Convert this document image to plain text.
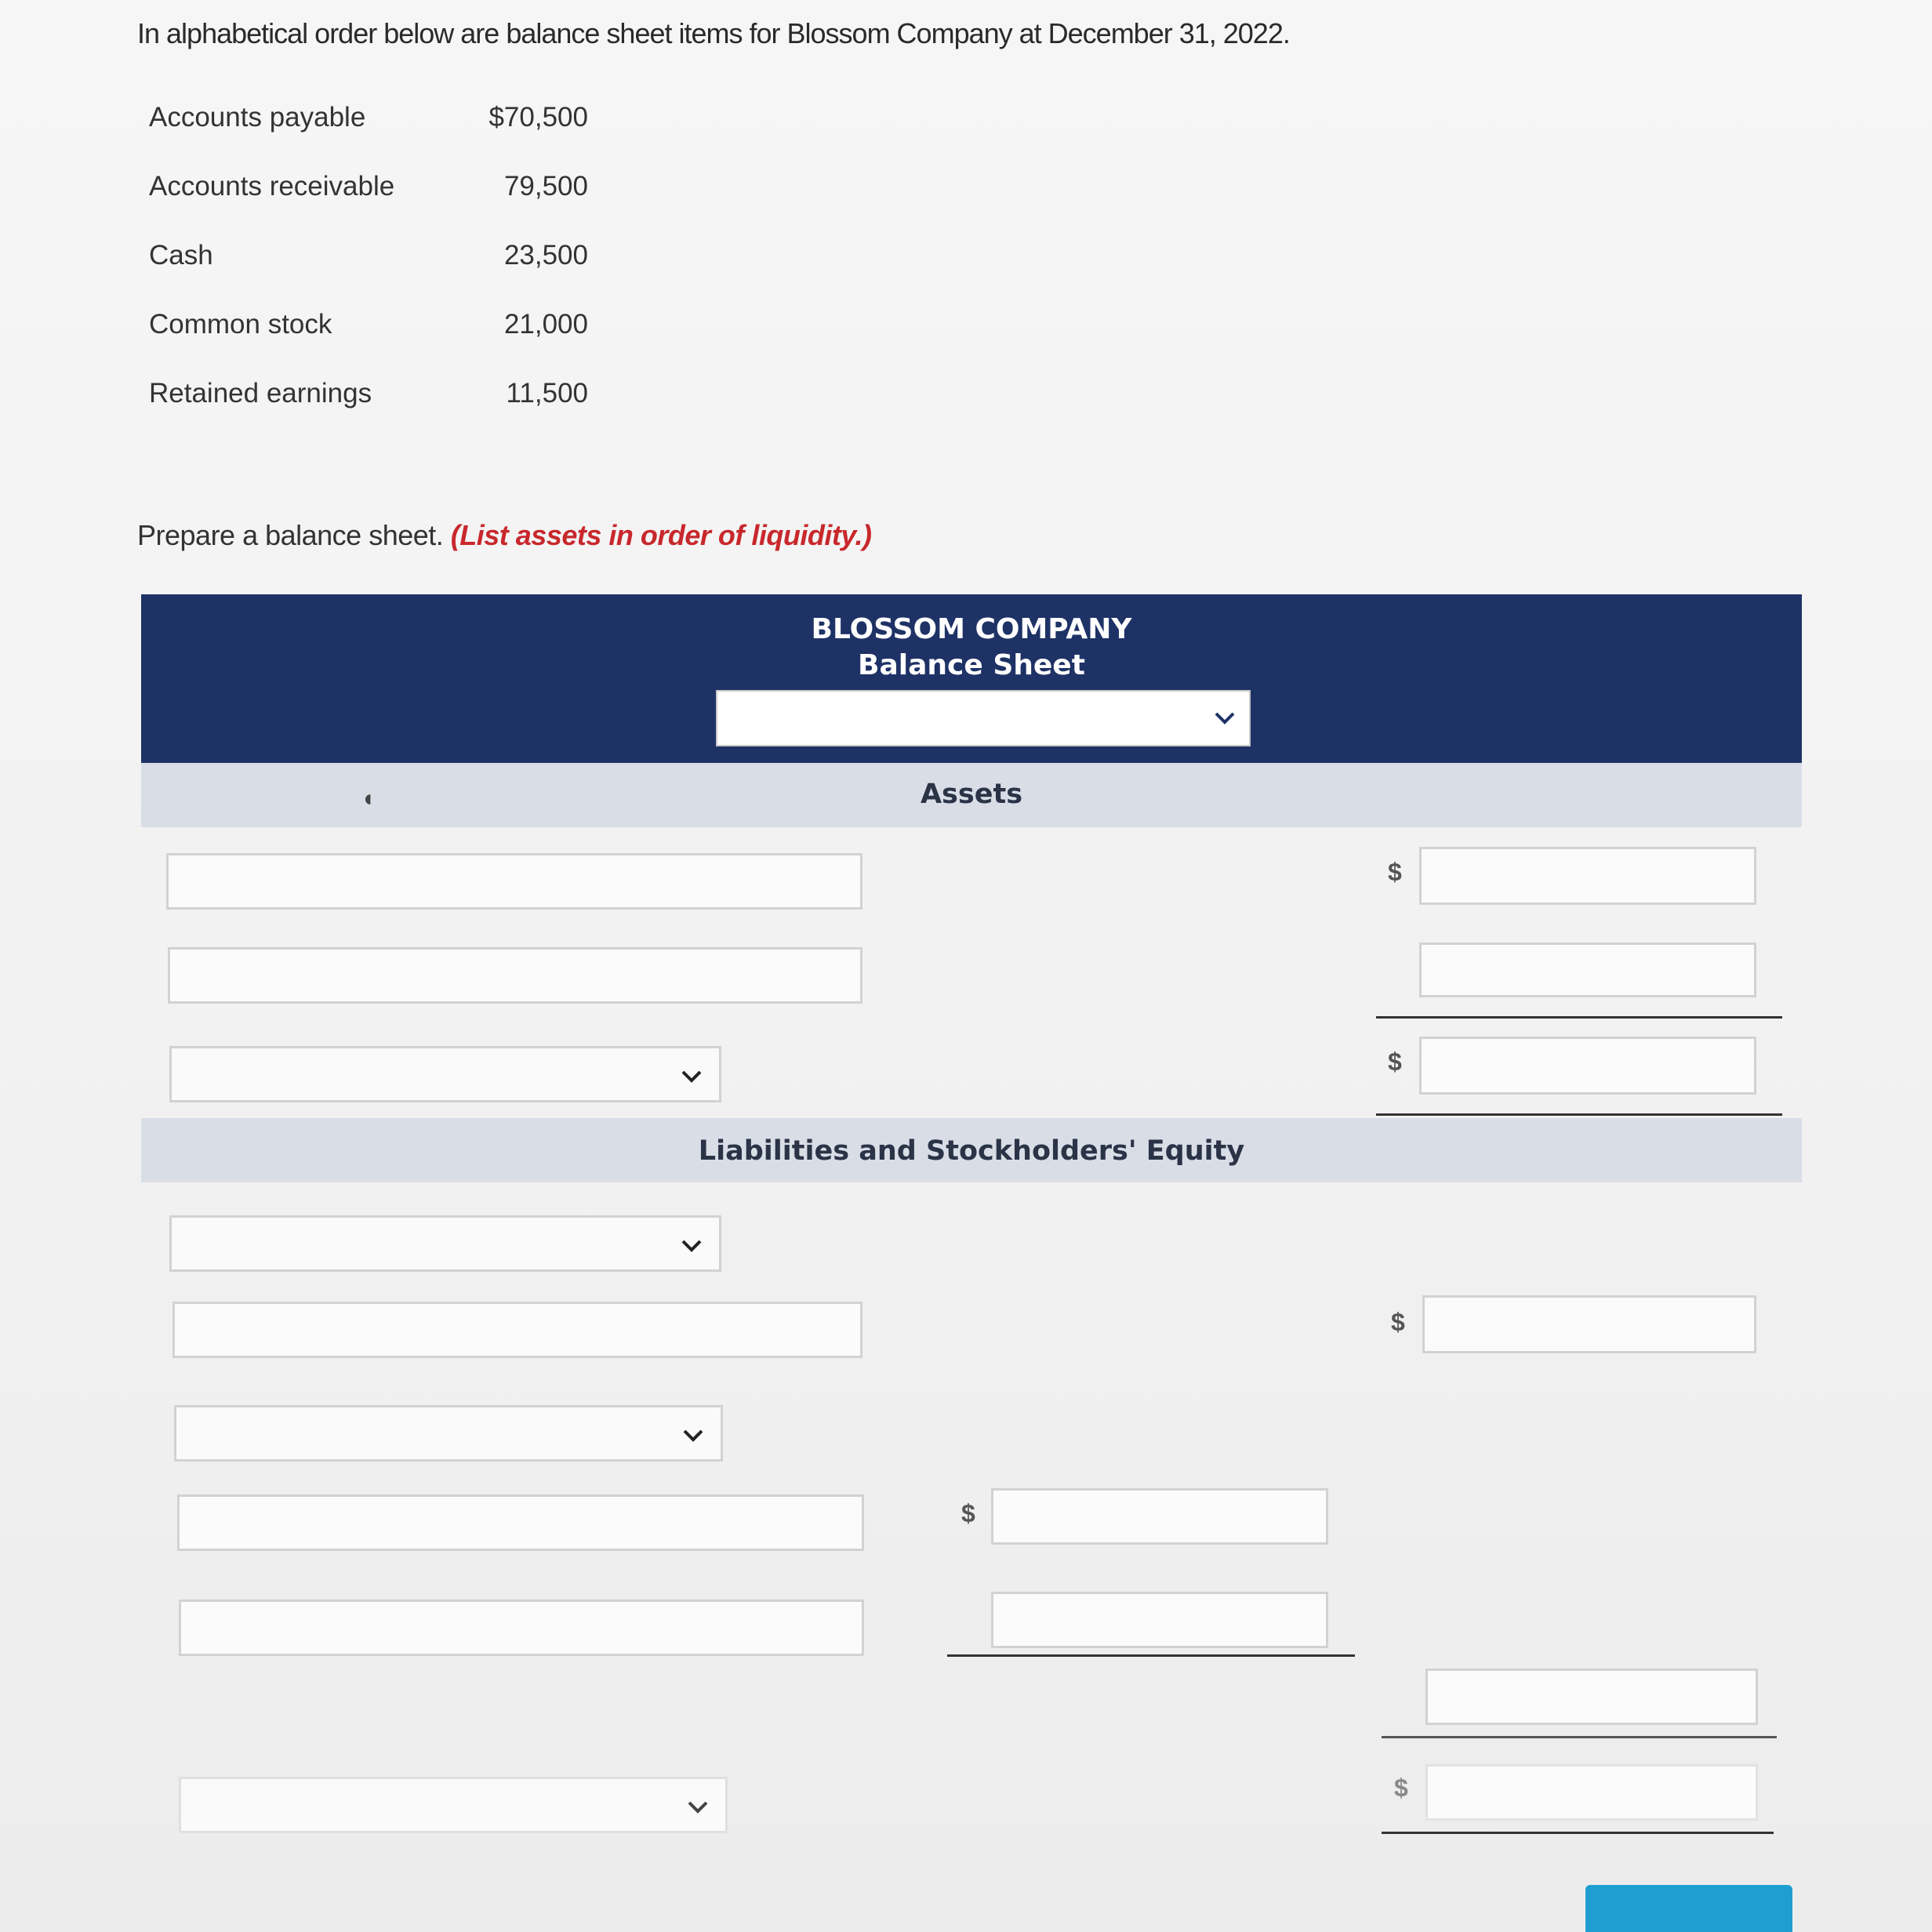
In alphabetical order below are balance sheet items for Blossom Company at December 31, 2022.
Accounts payable	$70,500
Accounts receivable	79,500
Cash	23,500
Common stock	21,000
Retained earnings	11,500
Prepare a balance sheet. (List assets in order of liquidity.)
BLOSSOM COMPANY
Balance Sheet
Assets
◖
$
$
Liabilities and Stockholders' Equity
$
$
$
